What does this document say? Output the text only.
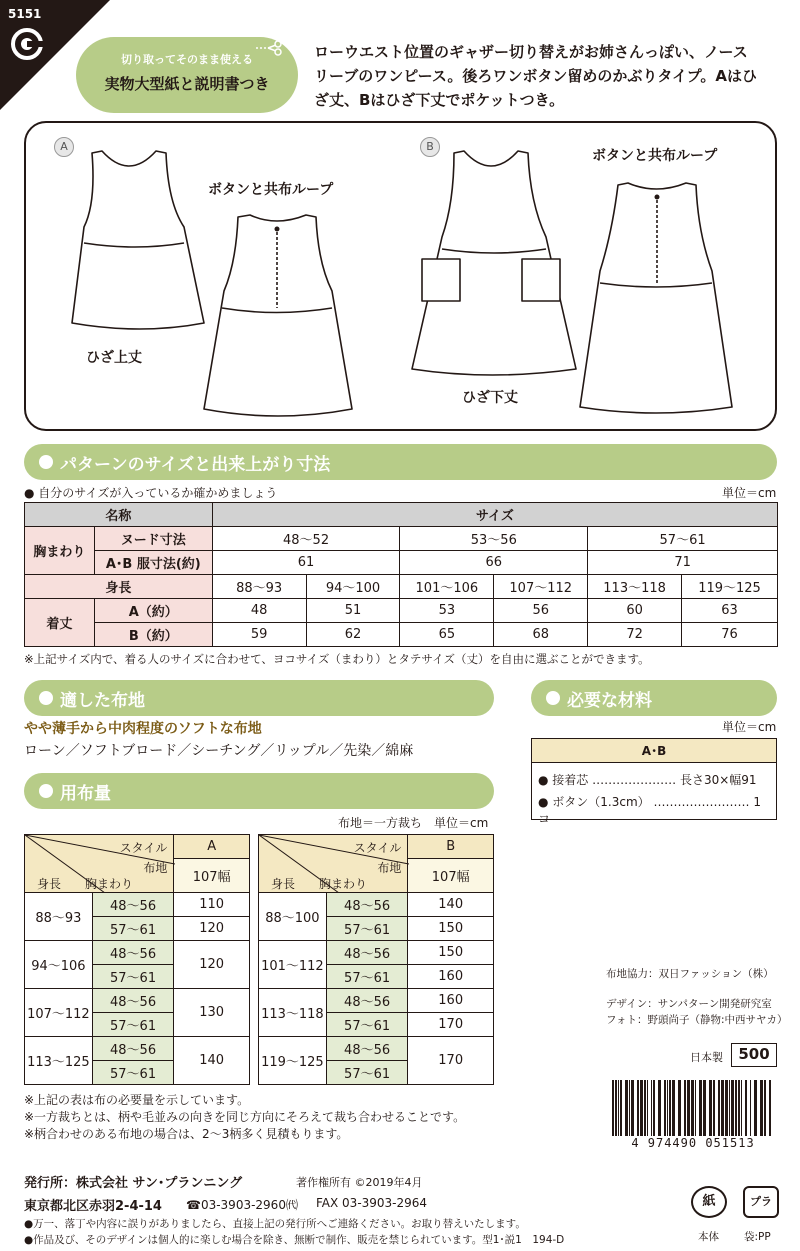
5151
切り取ってそのまま使える
実物大型紙と説明書つき
ローウエスト位置のギャザー切り替えがお姉さんっぽい、ノース
リーブのワンピース。後ろワンボタン留めのかぶりタイプ。Aはひ
ざ丈、Bはひざ下丈でポケットつき。
A	B
ボタンと共布ループ
ひざ上丈
ボタンと共布ループ
ひざ下丈
パターンのサイズと出来上がり寸法
● 自分のサイズが入っているか確かめましょう	単位＝cm
名称		サイズ					
胸まわり	ヌード寸法	48〜52		53〜56		57〜61	
	A･B 服寸法(約)	61		66		71	
身長		88〜93	94〜100	101〜106	107〜112	113〜118	119〜125
着丈	A（約）	48	51	53	56	60	63
	B（約）	59	62	65	68	72	76
※上記サイズ内で、着る人のサイズに合わせて、ヨコサイズ（まわり）とタテサイズ（丈）を自由に選ぶことができます。
適した布地
やや薄手から中肉程度のソフトな布地
ローン／ソフトブロード／シーチング／リップル／先染／綿麻
必要な材料
単位＝cm
A･B
● 接着芯 ………………… 長さ30×幅91
● ボタン（1.3cm） …………………… 1コ
用布量
布地＝一方裁ち　単位＝cm
スタイル
布地
胸まわり
身長		A
		107幅
88〜93	48〜56	110
	57〜61	120
94〜106	48〜56	120
	57〜61	
107〜112	48〜56	130
	57〜61	
113〜125	48〜56	140
	57〜61	
スタイル
布地
胸まわり
身長		B
		107幅
88〜100	48〜56	140
	57〜61	150
101〜112	48〜56	150
	57〜61	160
113〜118	48〜56	160
	57〜61	170
119〜125	48〜56	170
	57〜61	
※上記の表は布の必要量を示しています。
※一方裁ちとは、柄や毛並みの向きを同じ方向にそろえて裁ち合わせることです。
※柄合わせのある布地の場合は、2〜3柄多く見積もります。
布地協力：双日ファッション（株）
デザイン：サンパターン開発研究室
フォト：野頭尚子（静物:中西サヤカ）
日本製	500
4 974490 051513
発行所：株式会社 サン･プランニング	著作権所有 ©2019年4月
東京都北区赤羽2-4-14 ☎03-3903-2960㈹ FAX 03-3903-2964
●万一、落丁や内容に誤りがありましたら、直接上記の発行所へご連絡ください。お取り替えいたします。
●作品及び、そのデザインは個人的に楽しむ場合を除き、無断で制作、販売を禁じられています。型1･説1　194-D
紙	プラ
本体 袋:PP
